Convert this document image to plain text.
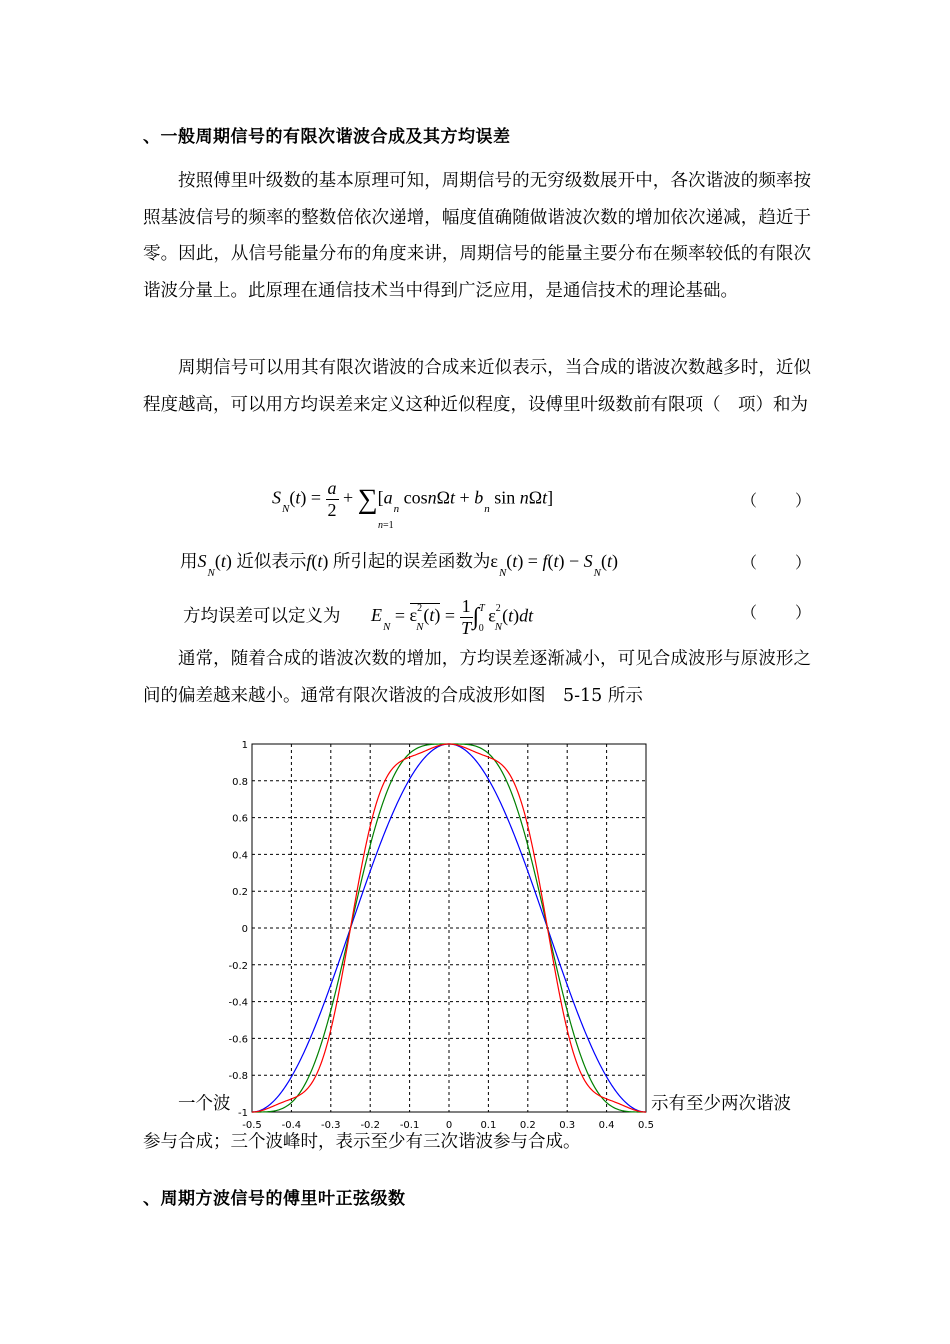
、一般周期信号的有限次谐波合成及其方均误差

按照傅里叶级数的基本原理可知，周期信号的无穷级数展开中，各次谐波的频率按照基波信号的频率的整数倍依次递增，幅度值确随做谐波次数的增加依次递减，趋近于零。因此，从信号能量分布的角度来讲，周期信号的能量主要分布在频率较低的有限次谐波分量上。此原理在通信技术当中得到广泛应用，是通信技术的理论基础。

周期信号可以用其有限次谐波的合成来近似表示，当合成的谐波次数越多时，近似程度越高，可以用方均误差来定义这种近似程度，设傅里叶级数前有限项（　项）和为

$S_N(t) = \frac{a}{2} + \sum[a_n$ $\cos n\Omega t + b_n$ sin nΩt]
n=1
（ ）
用$S_N(t)$ 近似表示f(t) 所引起的误差函数为$\varepsilon_N(t) = f(t) - S_N(t)$	（ ）
方均误差可以定义为 $E_N = \varepsilon^2_N(t) = \frac{1}{T} \int^T_0$ $\varepsilon^2_N(t)dt$	（ ）

通常，随着合成的谐波次数的增加，方均误差逐渐减小，可见合成波形与原波形之间的偏差越来越小。通常有限次谐波的合成波形如图　5-15 所示

-0.5 -0.4 -0.3 -0.2 -0.1	0	0.1 0.2 0.3 0.4 0.5
1
0.8
0.6
0.4
0.2
0
-0.2
-0.4
-0.6
-0.8
-1
一个波	示有至少两次谐波
参与合成；三个波峰时，表示至少有三次谐波参与合成。
、周期方波信号的傅里叶正弦级数
